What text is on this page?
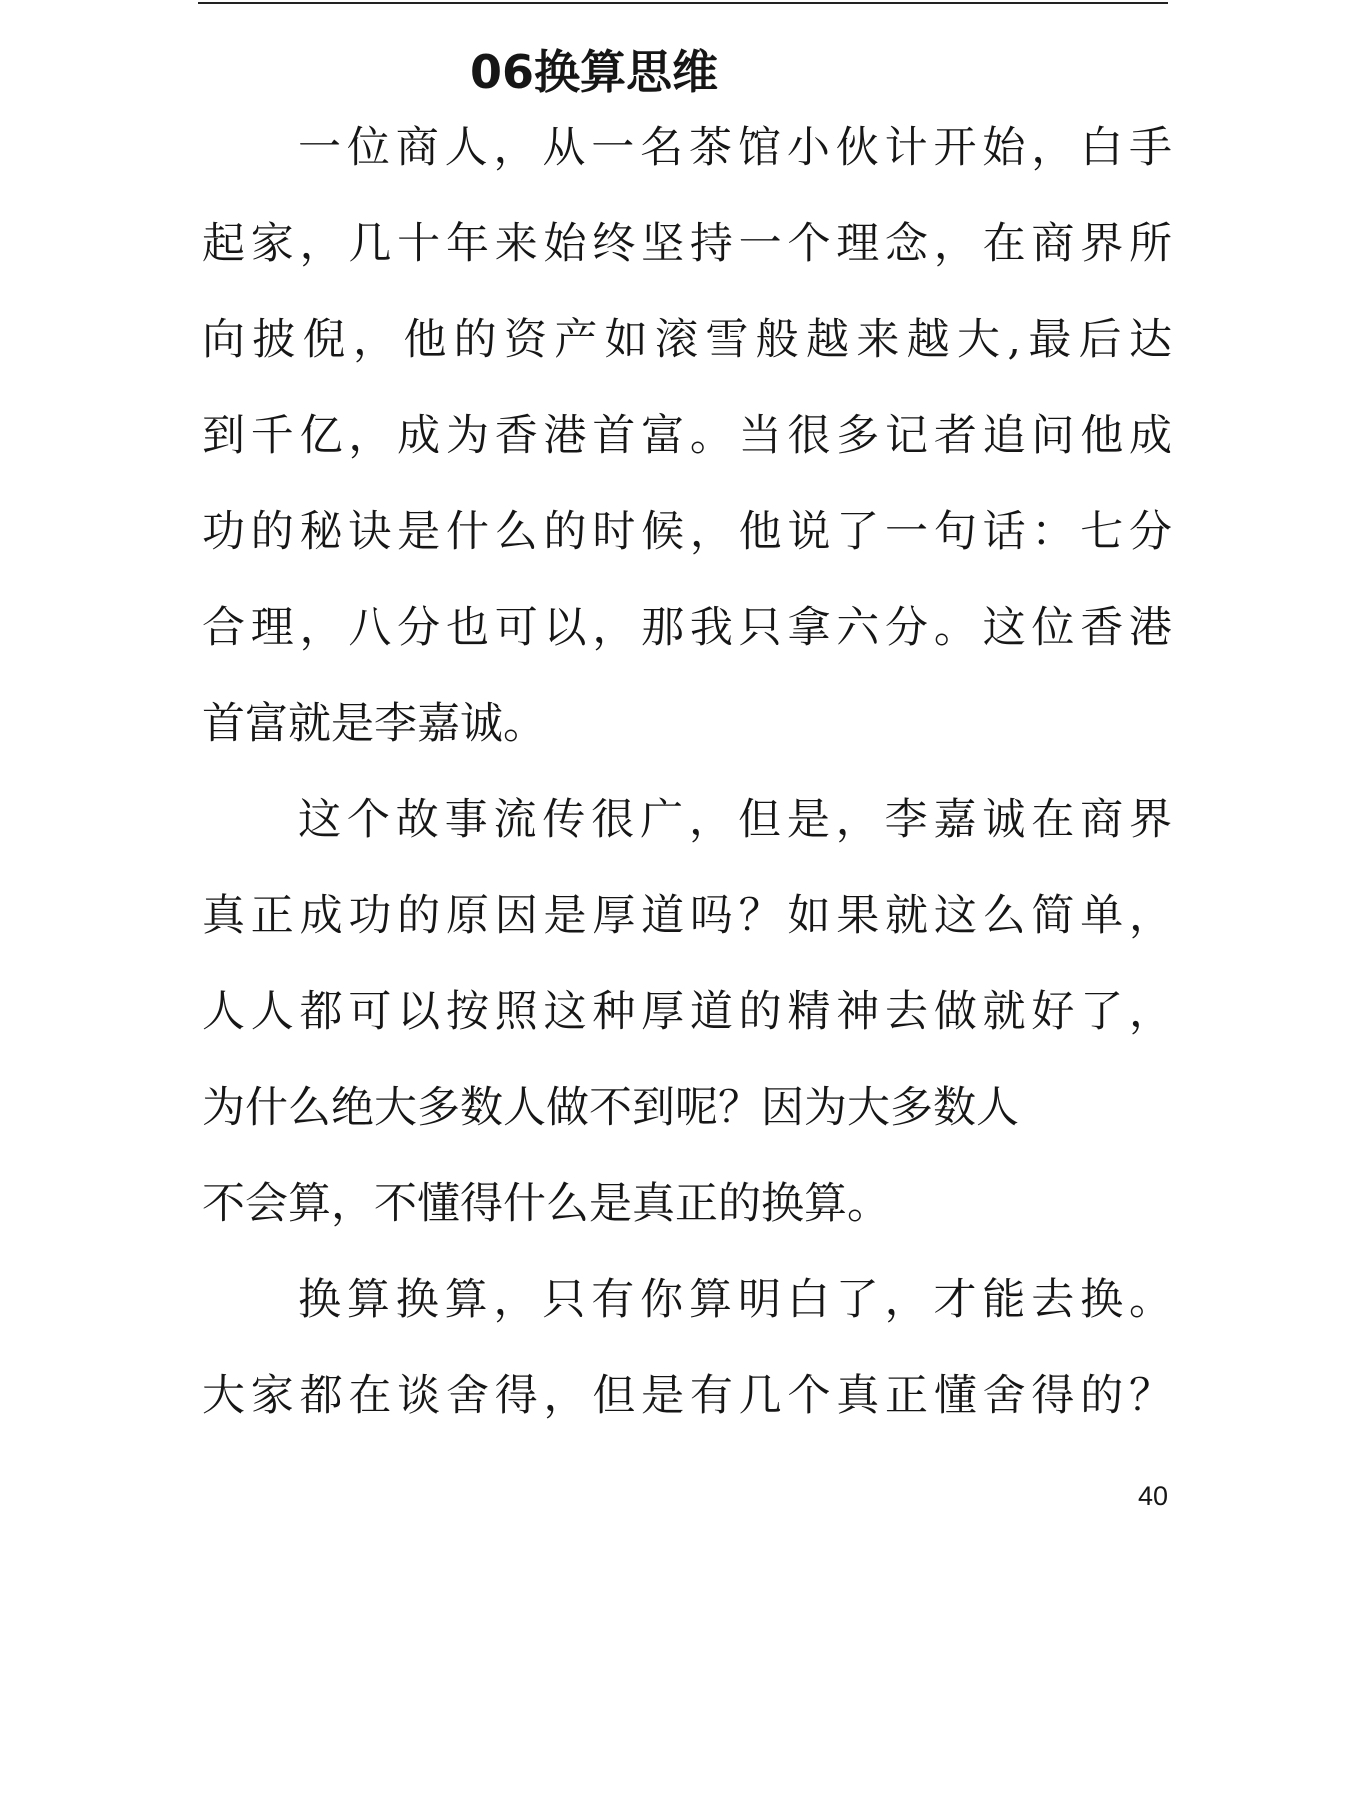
06换算思维
一位商人，从一名茶馆小伙计开始，白手
起家，几十年来始终坚持一个理念，在商界所
向披倪，他的资产如滚雪般越来越大,最后达
到千亿，成为香港首富。当很多记者追问他成
功的秘诀是什么的时候，他说了一句话：七分
合理，八分也可以，那我只拿六分。这位香港
首富就是李嘉诚。
这个故事流传很广，但是，李嘉诚在商界
真正成功的原因是厚道吗？如果就这么简单，
人人都可以按照这种厚道的精神去做就好了，
为什么绝大多数人做不到呢？因为大多数人
不会算，不懂得什么是真正的换算。
换算换算，只有你算明白了，才能去换。
大家都在谈舍得，但是有几个真正懂舍得的？
40
